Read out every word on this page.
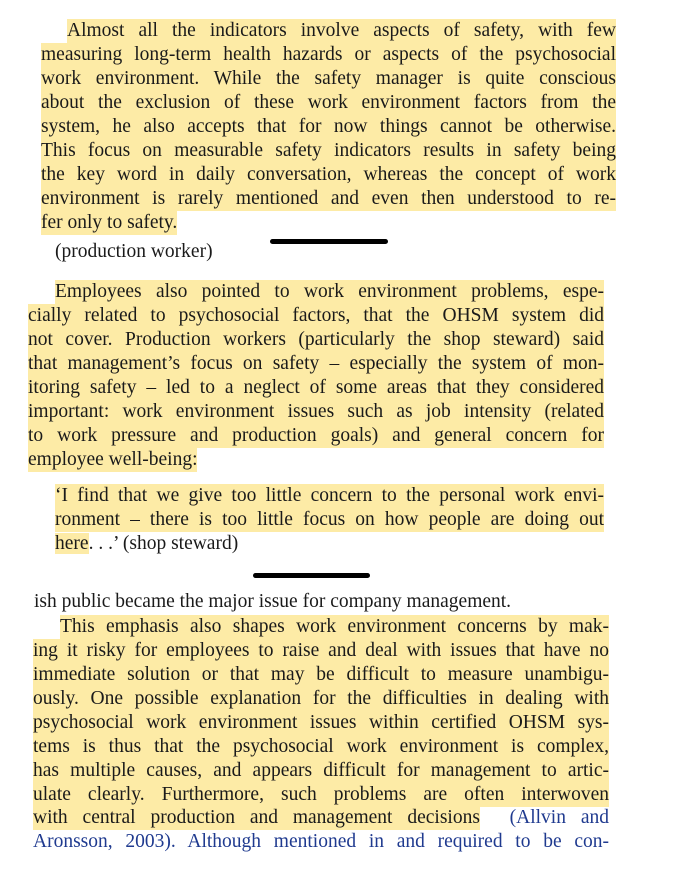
Almost all the indicators involve aspects of safety, with few
measuring long-term health hazards or aspects of the psychosocial
work environment. While the safety manager is quite conscious
about the exclusion of these work environment factors from the
system, he also accepts that for now things cannot be otherwise.
This focus on measurable safety indicators results in safety being
the key word in daily conversation, whereas the concept of work
environment is rarely mentioned and even then understood to re-
fer only to safety.
(production worker)
Employees also pointed to work environment problems, espe-
cially related to psychosocial factors, that the OHSM system did
not cover. Production workers (particularly the shop steward) said
that management’s focus on safety – especially the system of mon-
itoring safety – led to a neglect of some areas that they considered
important: work environment issues such as job intensity (related
to work pressure and production goals) and general concern for
employee well-being:
‘I find that we give too little concern to the personal work envi-
ronment – there is too little focus on how people are doing out
here. . .’ (shop steward)
ish public became the major issue for company management.
This emphasis also shapes work environment concerns by mak-
ing it risky for employees to raise and deal with issues that have no
immediate solution or that may be difficult to measure unambigu-
ously. One possible explanation for the difficulties in dealing with
psychosocial work environment issues within certified OHSM sys-
tems is thus that the psychosocial work environment is complex,
has multiple causes, and appears difficult for management to artic-
ulate clearly. Furthermore, such problems are often interwoven
with central production and management decisions (Allvin and
Aronsson, 2003). Although mentioned in and required to be con-
